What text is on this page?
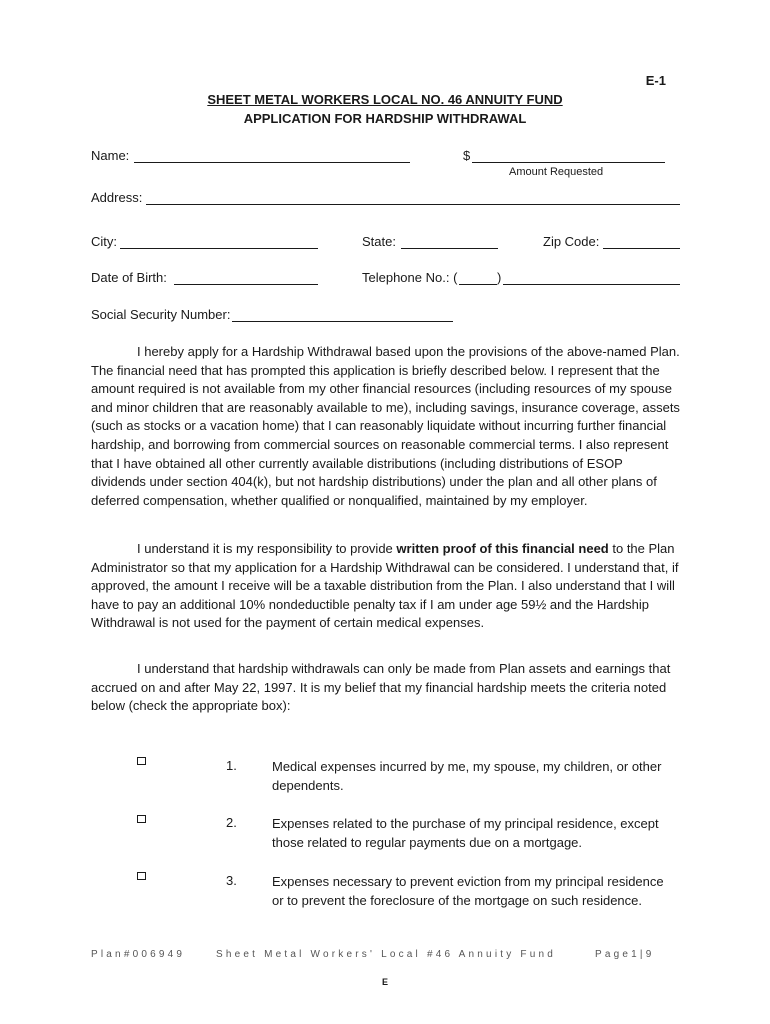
E-1
SHEET METAL WORKERS LOCAL NO. 46 ANNUITY FUND
APPLICATION FOR HARDSHIP WITHDRAWAL
Name:	$
Amount Requested
Address:
City:	State:	Zip Code:
Date of Birth:	Telephone No.: (	)
Social Security Number:

I hereby apply for a Hardship Withdrawal based upon the provisions of the above-named Plan. The financial need that has prompted this application is briefly described below. I represent that the amount required is not available from my other financial resources (including resources of my spouse and minor children that are reasonably available to me), including savings, insurance coverage, assets (such as stocks or a vacation home) that I can reasonably liquidate without incurring further financial hardship, and borrowing from commercial sources on reasonable commercial terms. I also represent that I have obtained all other currently available distributions (including distributions of ESOP dividends under section 404(k), but not hardship distributions) under the plan and all other plans of deferred compensation, whether qualified or nonqualified, maintained by my employer.

I understand it is my responsibility to provide written proof of this financial need to the Plan Administrator so that my application for a Hardship Withdrawal can be considered. I understand that, if approved, the amount I receive will be a taxable distribution from the Plan. I also understand that I will have to pay an additional 10% nondeductible penalty tax if I am under age 59½ and the Hardship Withdrawal is not used for the payment of certain medical expenses.

I understand that hardship withdrawals can only be made from Plan assets and earnings that accrued on and after May 22, 1997. It is my belief that my financial hardship meets the criteria noted below (check the appropriate box):

1.	Medical expenses incurred by me, my spouse, my children, or other dependents.
2.	Expenses related to the purchase of my principal residence, except those related to regular payments due on a mortgage.
3.	Expenses necessary to prevent eviction from my principal residence or to prevent the foreclosure of the mortgage on such residence.
Plan#006949	Sheet Metal Workers' Local #46 Annuity Fund	Page1|9
E
